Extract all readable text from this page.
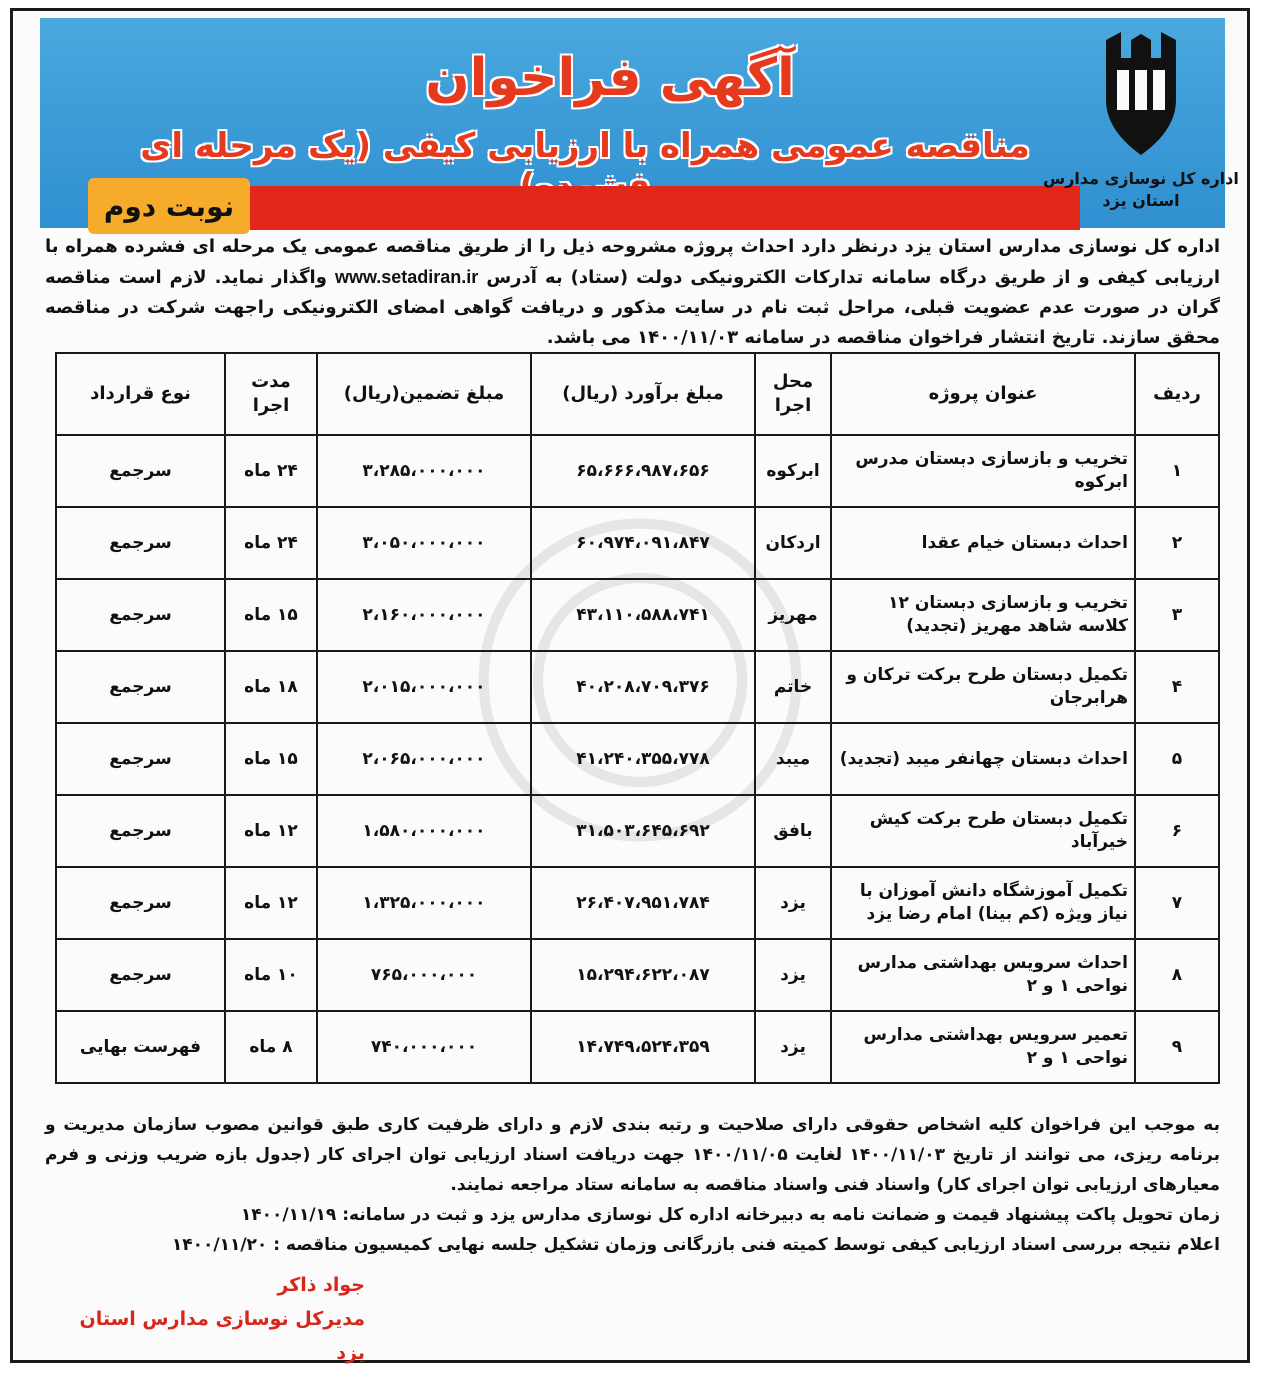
آگهی فراخوان
مناقصه عمومی همراه با ارزیابی کیفی (یک مرحله ای
نوبت دوم
اداره کل نوسازی مدارس
استان یزد
اداره کل نوسازی مدارس استان یزد درنظر دارد احداث پروژه مشروحه ذیل را از طریق مناقصه عمومی یک مرحله ای فشرده همراه با ارزیابی کیفی و از طریق درگاه سامانه تدارکات الکترونیکی دولت (ستاد) به آدرس www.setadiran.ir واگذار نماید. لازم است مناقصه گران در صورت عدم عضویت قبلی، مراحل ثبت نام در سایت مذکور و دریافت گواهی امضای الکترونیکی راجهت شرکت در مناقصه محقق سازند. تاریخ انتشار فراخوان مناقصه در سامانه ۱۴۰۰/۱۱/۰۳ می باشد.
ردیف	عنوان پروژه	محل اجرا	مبلغ برآورد (ریال)	مبلغ تضمین(ریال)	مدت اجرا	نوع قرارداد
۱	تخریب و بازسازی دبستان مدرس ابرکوه	ابرکوه	۶۵،۶۶۶،۹۸۷،۶۵۶	۳،۲۸۵،۰۰۰،۰۰۰	۲۴ ماه	سرجمع
۲	احداث دبستان خیام عقدا	اردکان	۶۰،۹۷۴،۰۹۱،۸۴۷	۳،۰۵۰،۰۰۰،۰۰۰	۲۴ ماه	سرجمع
۳	تخریب و بازسازی دبستان ۱۲ کلاسه شاهد مهریز (تجدید)	مهریز	۴۳،۱۱۰،۵۸۸،۷۴۱	۲،۱۶۰،۰۰۰،۰۰۰	۱۵ ماه	سرجمع
۴	تکمیل دبستان طرح برکت ترکان و هرابرجان	خاتم	۴۰،۲۰۸،۷۰۹،۳۷۶	۲،۰۱۵،۰۰۰،۰۰۰	۱۸ ماه	سرجمع
۵	احداث دبستان چهانفر میبد (تجدید)	میبد	۴۱،۲۴۰،۳۵۵،۷۷۸	۲،۰۶۵،۰۰۰،۰۰۰	۱۵ ماه	سرجمع
۶	تکمیل دبستان طرح برکت کیش خیرآباد	بافق	۳۱،۵۰۳،۶۴۵،۶۹۲	۱،۵۸۰،۰۰۰،۰۰۰	۱۲ ماه	سرجمع
۷	تکمیل آموزشگاه دانش آموزان با نیاز ویژه (کم بینا) امام رضا یزد	یزد	۲۶،۴۰۷،۹۵۱،۷۸۴	۱،۳۲۵،۰۰۰،۰۰۰	۱۲ ماه	سرجمع
۸	احداث سرویس بهداشتی مدارس نواحی ۱ و ۲	یزد	۱۵،۲۹۴،۶۲۲،۰۸۷	۷۶۵،۰۰۰،۰۰۰	۱۰ ماه	سرجمع
۹	تعمیر سرویس بهداشتی مدارس نواحی ۱ و ۲	یزد	۱۴،۷۴۹،۵۲۴،۳۵۹	۷۴۰،۰۰۰،۰۰۰	۸ ماه	فهرست بهایی
به موجب این فراخوان کلیه اشخاص حقوقی دارای صلاحیت و رتبه بندی لازم و دارای ظرفیت کاری طبق قوانین مصوب سازمان مدیریت و برنامه ریزی، می توانند از تاریخ ۱۴۰۰/۱۱/۰۳ لغایت ۱۴۰۰/۱۱/۰۵ جهت دریافت اسناد ارزیابی توان اجرای کار (جدول بازه ضریب وزنی و فرم معیارهای ارزیابی توان اجرای کار) واسناد فنی واسناد مناقصه به سامانه ستاد مراجعه نمایند.
زمان تحویل پاکت پیشنهاد قیمت و ضمانت نامه به دبیرخانه اداره کل نوسازی مدارس یزد و ثبت در سامانه: ۱۴۰۰/۱۱/۱۹
اعلام نتیجه بررسی اسناد ارزیابی کیفی توسط کمیته فنی بازرگانی وزمان تشکیل جلسه نهایی کمیسیون مناقصه : ۱۴۰۰/۱۱/۲۰
جواد ذاکر
مدیرکل نوسازی مدارس استان یزد
